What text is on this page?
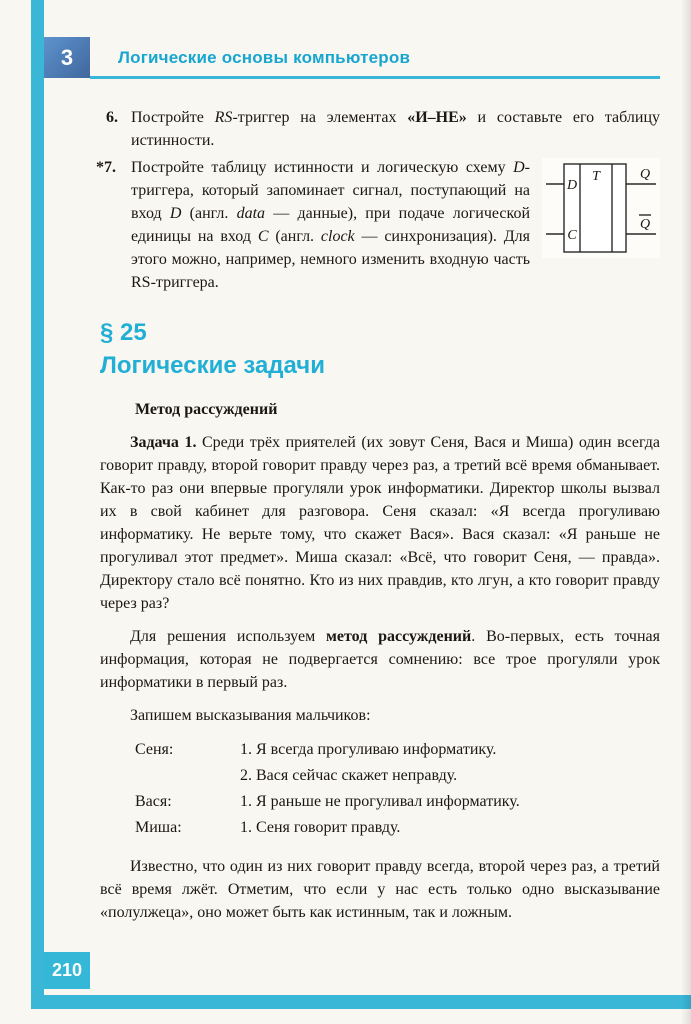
3	Логические основы компьютеров
6. Постройте RS-триггер на элементах «И–НЕ» и составьте его таблицу истинности.
*7.
D
C
T	Q
Q
Постройте таблицу истинности и логическую схему D-триггера, который запоминает сигнал, поступающий на вход D (англ. data — данные), при подаче логической единицы на вход C (англ. clock — синхронизация). Для этого можно, например, немного изменить входную часть RS-триггера.
§ 25
Логические задачи
Метод рассуждений
Задача 1. Среди трёх приятелей (их зовут Сеня, Вася и Миша) один всегда говорит правду, второй говорит правду через раз, а третий всё время обманывает. Как-то раз они впервые прогуляли урок информатики. Директор школы вызвал их в свой кабинет для разговора. Сеня сказал: «Я всегда прогуливаю информатику. Не верьте тому, что скажет Вася». Вася сказал: «Я раньше не прогуливал этот предмет». Миша сказал: «Всё, что говорит Сеня, — правда». Директору стало всё понятно. Кто из них правдив, кто лгун, а кто говорит правду через раз?
Для решения используем метод рассуждений. Во-первых, есть точная информация, которая не подвергается сомнению: все трое прогуляли урок информатики в первый раз.
Запишем высказывания мальчиков:
Сеня:	1. Я всегда прогуливаю информатику.
2. Вася сейчас скажет неправду.
Вася:	1. Я раньше не прогуливал информатику.
Миша:	1. Сеня говорит правду.
Известно, что один из них говорит правду всегда, второй через раз, а третий всё время лжёт. Отметим, что если у нас есть только одно высказывание «полулжеца», оно может быть как истинным, так и ложным.
210
